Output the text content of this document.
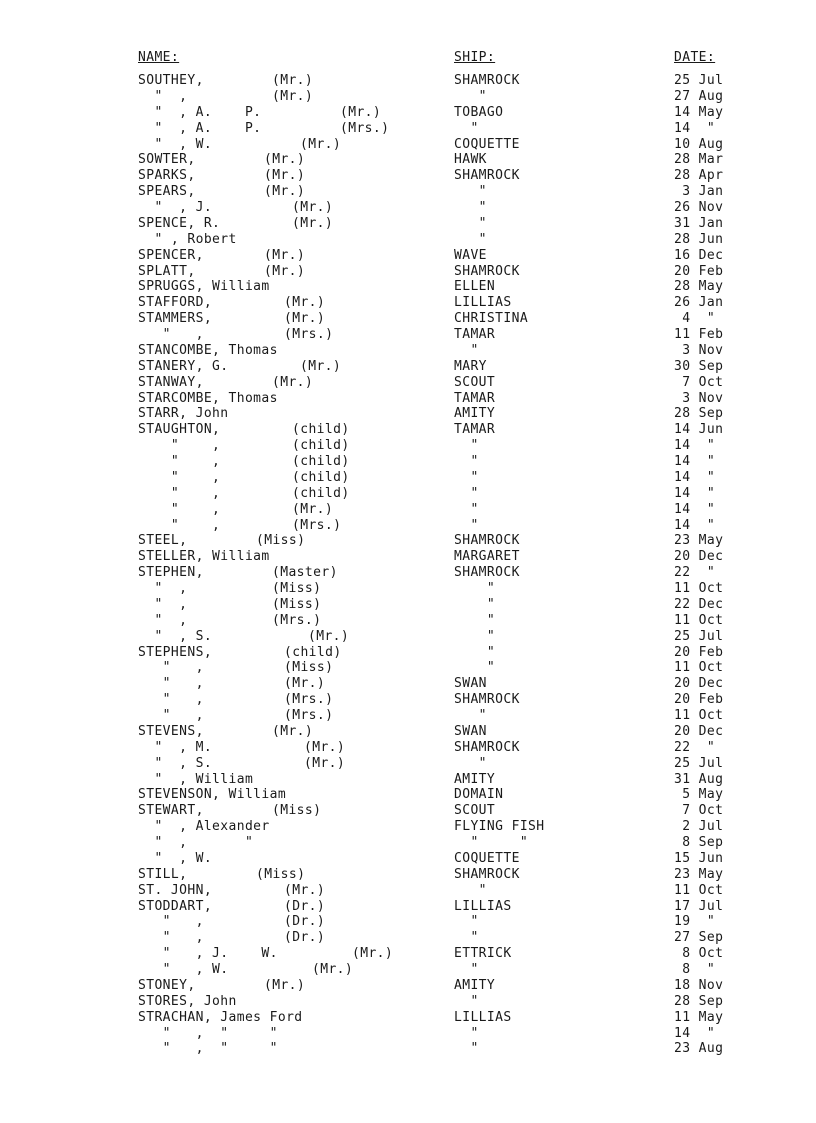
NAME:	SHIP:	DATE:
SOUTHEY,	(Mr.)	SHAMROCK	25 Jul
"  ,	(Mr.)	"	27 Aug
"  , A.    P.	(Mr.)	TOBAGO	14 May
"  , A.    P.	(Mrs.)	"	14  "
"  , W.	(Mr.)	COQUETTE	10 Aug
SOWTER,	(Mr.)	HAWK	28 Mar
SPARKS,	(Mr.)	SHAMROCK	28 Apr
SPEARS,	(Mr.)	"	3 Jan
"  , J.	(Mr.)	"	26 Nov
SPENCE, R.	(Mr.)	"	31 Jan
" , Robert	"	28 Jun
SPENCER,	(Mr.)	WAVE	16 Dec
SPLATT,	(Mr.)	SHAMROCK	20 Feb
SPRUGGS, William	ELLEN	28 May
STAFFORD,	(Mr.)	LILLIAS	26 Jan
STAMMERS,	(Mr.)	CHRISTINA	4  "
"   ,	(Mrs.)	TAMAR	11 Feb
STANCOMBE, Thomas	"	3 Nov
STANERY, G.	(Mr.)	MARY	30 Sep
STANWAY,	(Mr.)	SCOUT	7 Oct
STARCOMBE, Thomas	TAMAR	3 Nov
STARR, John	AMITY	28 Sep
STAUGHTON,	(child)	TAMAR	14 Jun
"    ,	(child)	"	14  "
"    ,	(child)	"	14  "
"    ,	(child)	"	14  "
"    ,	(child)	"	14  "
"    ,	(Mr.)	"	14  "
"    ,	(Mrs.)	"	14  "
STEEL,	(Miss)	SHAMROCK	23 May
STELLER, William	MARGARET	20 Dec
STEPHEN,	(Master)	SHAMROCK	22  "
"  ,	(Miss)	"	11 Oct
"  ,	(Miss)	"	22 Dec
"  ,	(Mrs.)	"	11 Oct
"  , S.	(Mr.)	"	25 Jul
STEPHENS,	(child)	"	20 Feb
"   ,	(Miss)	"	11 Oct
"   ,	(Mr.)	SWAN	20 Dec
"   ,	(Mrs.)	SHAMROCK	20 Feb
"   ,	(Mrs.)	"	11 Oct
STEVENS,	(Mr.)	SWAN	20 Dec
"  , M.	(Mr.)	SHAMROCK	22  "
"  , S.	(Mr.)	"	25 Jul
"  , William	AMITY	31 Aug
STEVENSON, William	DOMAIN	5 May
STEWART,	(Miss)	SCOUT	7 Oct
"  , Alexander	FLYING FISH	2 Jul
"  ,       "	"     "	8 Sep
"  , W.	COQUETTE	15 Jun
STILL,	(Miss)	SHAMROCK	23 May
ST. JOHN,	(Mr.)	"	11 Oct
STODDART,	(Dr.)	LILLIAS	17 Jul
"   ,	(Dr.)	"	19  "
"   ,	(Dr.)	"	27 Sep
"   , J.    W.	(Mr.)	ETTRICK	8 Oct
"   , W.	(Mr.)	"	8  "
STONEY,	(Mr.)	AMITY	18 Nov
STORES, John	"	28 Sep
STRACHAN, James Ford	LILLIAS	11 May
"   ,  "     "	"	14  "
"   ,  "     "	"	23 Aug
